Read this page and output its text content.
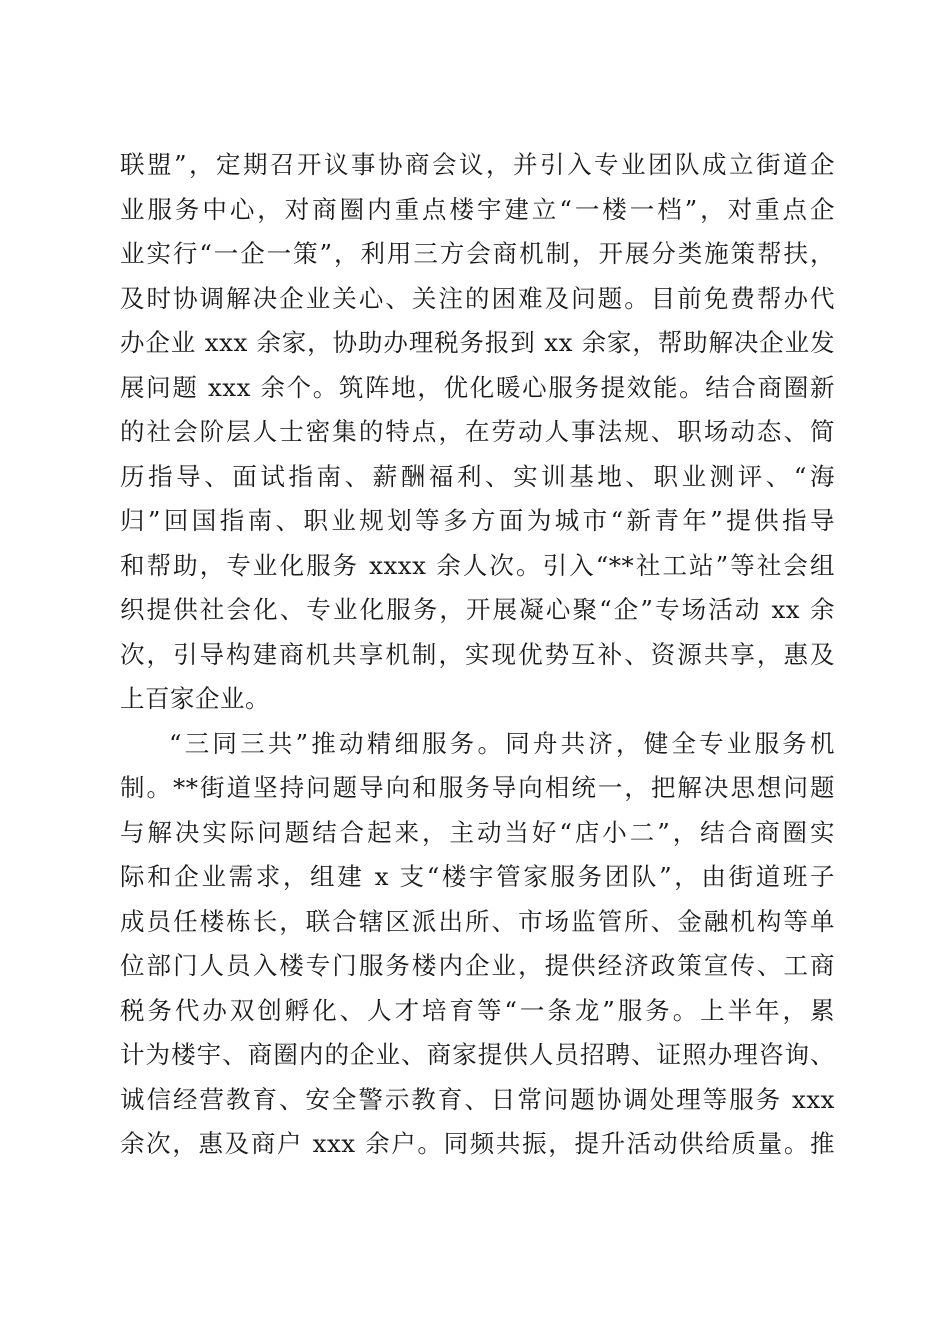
联盟”，定期召开议事协商会议，并引入专业团队成立街道企
业服务中心，对商圈内重点楼宇建立“一楼一档”，对重点企
业实行“一企一策”，利用三方会商机制，开展分类施策帮扶，
及时协调解决企业关心、关注的困难及问题。目前免费帮办代
办企业 xxx 余家，协助办理税务报到 xx 余家，帮助解决企业发
展问题 xxx 余个。筑阵地，优化暖心服务提效能。结合商圈新
的社会阶层人士密集的特点，在劳动人事法规、职场动态、简
历指导、面试指南、薪酬福利、实训基地、职业测评、“海
归”回国指南、职业规划等多方面为城市“新青年”提供指导
和帮助，专业化服务 xxxx 余人次。引入“**社工站”等社会组
织提供社会化、专业化服务，开展凝心聚“企”专场活动 xx 余
次，引导构建商机共享机制，实现优势互补、资源共享，惠及
上百家企业。
“三同三共”推动精细服务。同舟共济，健全专业服务机
制。**街道坚持问题导向和服务导向相统一，把解决思想问题
与解决实际问题结合起来，主动当好“店小二”，结合商圈实
际和企业需求，组建 x 支“楼宇管家服务团队”，由街道班子
成员任楼栋长，联合辖区派出所、市场监管所、金融机构等单
位部门人员入楼专门服务楼内企业，提供经济政策宣传、工商
税务代办双创孵化、人才培育等“一条龙”服务。上半年，累
计为楼宇、商圈内的企业、商家提供人员招聘、证照办理咨询、
诚信经营教育、安全警示教育、日常问题协调处理等服务 xxx
余次，惠及商户 xxx 余户。同频共振，提升活动供给质量。推
